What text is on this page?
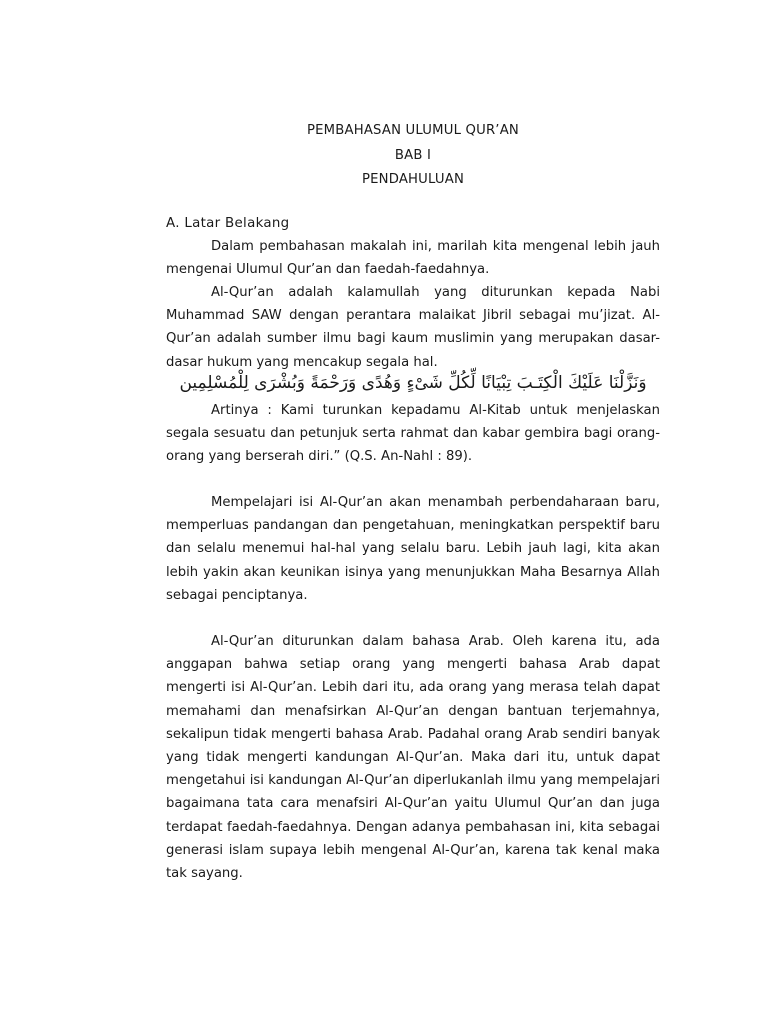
PEMBAHASAN ULUMUL QUR’AN
BAB I
PENDAHULUAN
A. Latar Belakang

Dalam pembahasan makalah ini, marilah kita mengenal lebih jauh mengenai Ulumul Qur’an dan faedah-faedahnya.

Al-Qur’an adalah kalamullah yang diturunkan kepada Nabi Muhammad SAW dengan perantara malaikat Jibril sebagai mu’jizat. Al-Qur’an adalah sumber ilmu bagi kaum muslimin yang merupakan dasar-dasar hukum yang mencakup segala hal.

وَنَزَّلْنَا عَلَيْكَ الْكِتَـبَ تِبْيَانًا لِّكُلِّ شَىْءٍ وَهُدًى وَرَحْمَةً وَبُشْرَى لِلْمُسْلِمِين

Artinya : Kami turunkan kepadamu Al-Kitab untuk menjelaskan segala sesuatu dan petunjuk serta rahmat dan kabar gembira bagi orang-orang yang berserah diri.” (Q.S. An-Nahl : 89).

Mempelajari isi Al-Qur’an akan menambah perbendaharaan baru, memperluas pandangan dan pengetahuan, meningkatkan perspektif baru dan selalu menemui hal-hal yang selalu baru. Lebih jauh lagi, kita akan lebih yakin akan keunikan isinya yang menunjukkan Maha Besarnya Allah sebagai penciptanya.

Al-Qur’an diturunkan dalam bahasa Arab. Oleh karena itu, ada anggapan bahwa setiap orang yang mengerti bahasa Arab dapat mengerti isi Al-Qur’an. Lebih dari itu, ada orang yang merasa telah dapat memahami dan menafsirkan Al-Qur’an dengan bantuan terjemahnya, sekalipun tidak mengerti bahasa Arab. Padahal orang Arab sendiri banyak yang tidak mengerti kandungan Al-Qur’an. Maka dari itu, untuk dapat mengetahui isi kandungan Al-Qur’an diperlukanlah ilmu yang mempelajari bagaimana tata cara menafsiri Al-Qur’an yaitu Ulumul Qur’an dan juga terdapat faedah-faedahnya. Dengan adanya pembahasan ini, kita sebagai generasi islam supaya lebih mengenal Al-Qur’an, karena tak kenal maka tak sayang.
